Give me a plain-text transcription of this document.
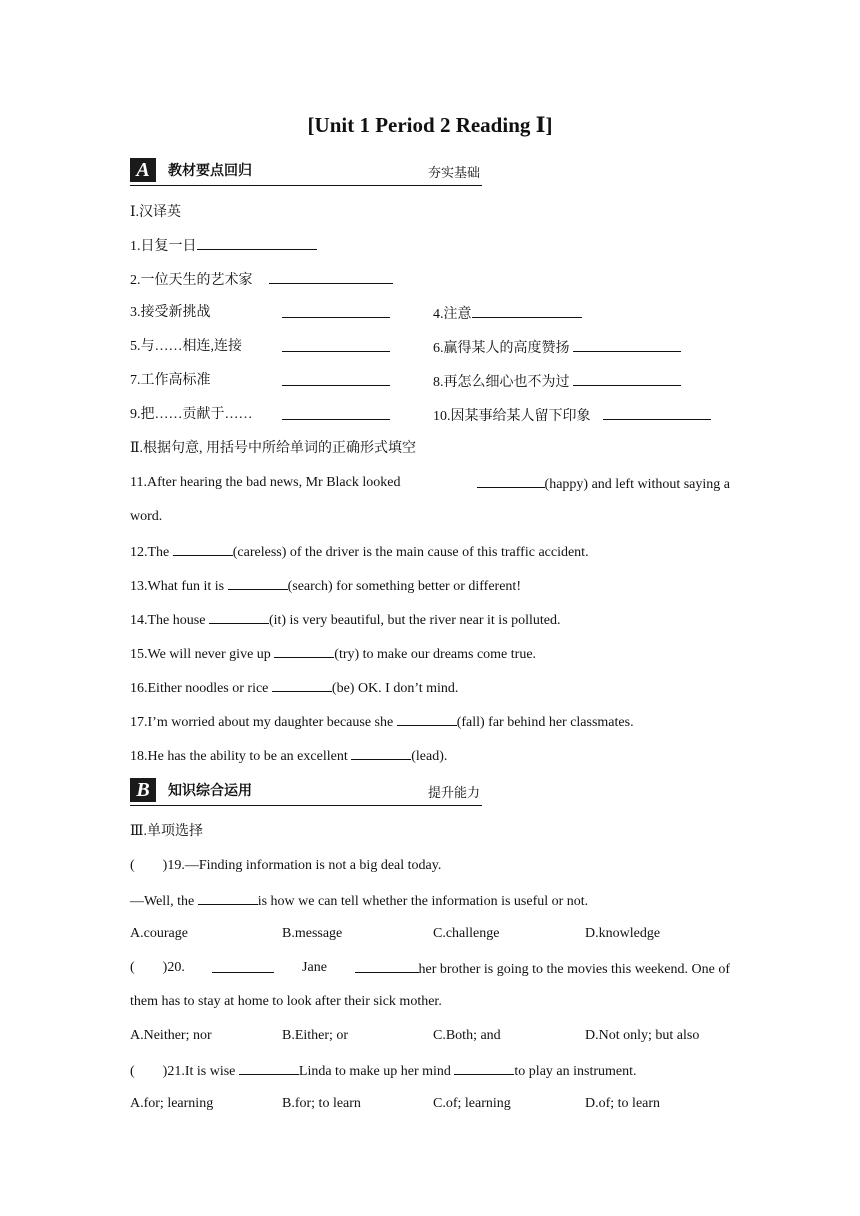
[Unit 1 Period 2 Reading Ⅰ]
A	教材要点回归	夯实基础
Ⅰ.汉译英
1.日复一日
2.一位天生的艺术家
3.接受新挑战	4.注意
5.与……相连,连接	6.赢得某人的高度赞扬
7.工作高标准	8.再怎么细心也不为过
9.把……贡献于……	10.因某事给某人留下印象
Ⅱ.根据句意, 用括号中所给单词的正确形式填空
11.After hearing the bad news, Mr Black looked	(happy) and left without saying a
word.
12.The	(careless) of the driver is the main cause of this traffic accident.
13.What fun it is	(search) for something better or different!
14.The house	(it) is very beautiful, but the river near it is polluted.
15.We will never give up	(try) to make our dreams come true.
16.Either noodles or rice	(be) OK. I don’t mind.
17.I’m worried about my daughter because she	(fall) far behind her classmates.
18.He has the ability to be an excellent	(lead).
B	知识综合运用	提升能力
Ⅲ.单项选择
(        )19.—Finding information is not a big deal today.
—Well, the	is how we can tell whether the information is useful or not.
A.courage	B.message	C.challenge	D.knowledge
(        )20.	Jane	her brother is going to the movies this weekend. One of
them has to stay at home to look after their sick mother.
A.Neither; nor	B.Either; or	C.Both; and	D.Not only; but also
(        )21.It is wise	Linda to make up her mind	to play an instrument.
A.for; learning	B.for; to learn	C.of; learning	D.of; to learn
